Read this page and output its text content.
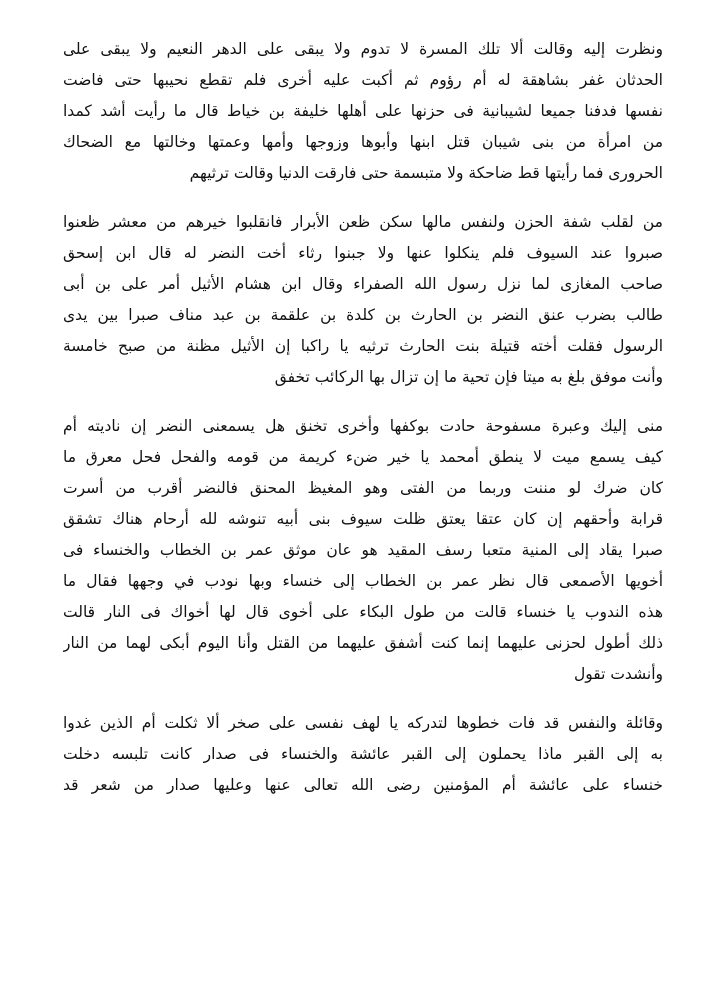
ونظرت إليه وقالت ألا تلك المسرة لا تدوم ولا يبقى على الدهر النعيم ولا يبقى على
الحدثان غفر بشاهقة له أم رؤوم ثم أكبت عليه أخرى فلم تقطع نحيبها حتى فاضت
نفسها فدفنا جميعا لشيبانية فى حزنها على أهلها خليفة بن خياط قال ما رأيت أشد كمدا
من امرأة من بنى شيبان قتل ابنها وأبوها وزوجها وأمها وعمتها وخالتها مع الضحاك
الحرورى فما رأيتها قط ضاحكة ولا متبسمة حتى فارقت الدنيا وقالت ترثيهم
من لقلب شفة الحزن ولنفس مالها سكن ظعن الأبرار فانقلبوا خيرهم من معشر ظعنوا
صبروا عند السيوف فلم ينكلوا عنها ولا جبنوا رثاء أخت النضر له قال ابن إسحق
صاحب المغازى لما نزل رسول الله الصفراء وقال ابن هشام الأثيل أمر على بن أبى
طالب بضرب عنق النضر بن الحارث بن كلدة بن علقمة بن عبد مناف صبرا بين يدى
الرسول فقلت أخته قتيلة بنت الحارث ترثيه يا راكبا إن الأثيل مظنة من صبح خامسة
وأنت موفق بلغ به ميتا فإن تحية ما إن تزال بها الركائب تخفق
منى إليك وعبرة مسفوحة حادت بوكفها وأخرى تخنق هل يسمعنى النضر إن ناديته أم
كيف يسمع ميت لا ينطق أمحمد يا خير ضنء كريمة من قومه والفحل فحل معرق ما
كان ضرك لو مننت وربما من الفتى وهو المغيظ المحنق فالنضر أقرب من أسرت
قرابة وأحقهم إن كان عتقا يعتق ظلت سيوف بنى أبيه تنوشه لله أرحام هناك تشقق
صبرا يقاد إلى المنية متعبا رسف المقيد هو عان موثق عمر بن الخطاب والخنساء فى
أخويها الأصمعى قال نظر عمر بن الخطاب إلى خنساء وبها نودب في وجهها فقال ما
هذه الندوب يا خنساء قالت من طول البكاء على أخوى قال لها أخواك فى النار قالت
ذلك أطول لحزنى عليهما إنما كنت أشفق عليهما من القتل وأنا اليوم أبكى لهما من النار
وأنشدت تقول
وقائلة والنفس قد فات خطوها لتدركه يا لهف نفسى على صخر ألا ثكلت أم الذين غدوا
به إلى القبر ماذا يحملون إلى القبر عائشة والخنساء فى صدار كانت تلبسه دخلت
خنساء على عائشة أم المؤمنين رضى الله تعالى عنها وعليها صدار من شعر قد
